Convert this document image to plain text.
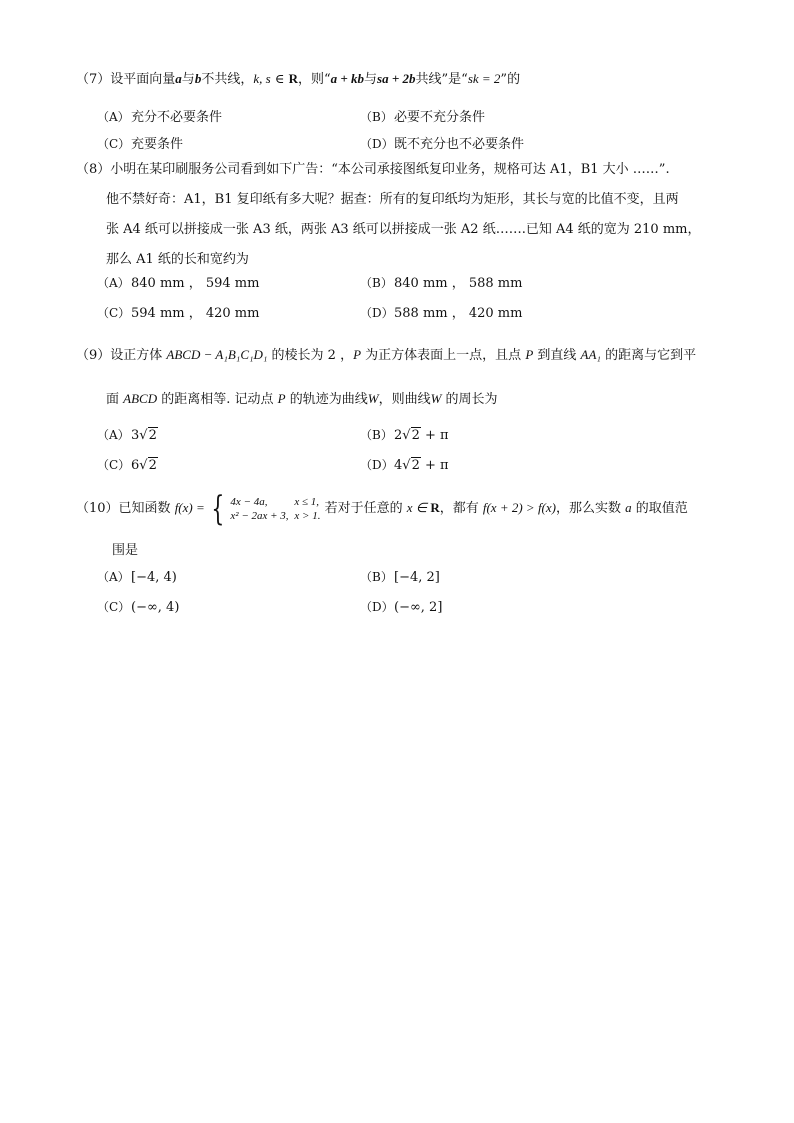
（7）设平面向量a与b不共线，k, s ∈ R，则“a + kb与sa + 2b共线”是“sk = 2”的
（A）充分不必要条件	（B）必要不充分条件
（C）充要条件	（D）既不充分也不必要条件
（8）小明在某印刷服务公司看到如下广告：“本公司承接图纸复印业务，规格可达 A1，B1 大小 ……”.
他不禁好奇：A1，B1 复印纸有多大呢？据查：所有的复印纸均为矩形，其长与宽的比值不变，且两
张 A4 纸可以拼接成一张 A3 纸，两张 A3 纸可以拼接成一张 A2 纸…….已知 A4 纸的宽为 210 mm，
那么 A1 纸的长和宽约为
（A）840 mm ， 594 mm	（B）840 mm ， 588 mm
（C）594 mm ， 420 mm	（D）588 mm ， 420 mm
（9）设正方体 ABCD − A₁B₁C₁D₁ 的棱长为 2 ，P 为正方体表面上一点，且点 P 到直线 AA₁ 的距离与它到平
面 ABCD 的距离相等. 记动点 P 的轨迹为曲线W，则曲线W 的周长为
（A）3√2	（B）2√2 + π
（C）6√2	（D）4√2 + π
（10）已知函数 f(x) = { 4x − 4a, x ≤ 1,
x² − 2ax + 3, x > 1. 若对于任意的 x ∈ R，都有 f(x + 2) > f(x)，那么实数 a 的取值范
围是
（A）[−4, 4)	（B）[−4, 2]
（C）(−∞, 4)	（D）(−∞, 2]
